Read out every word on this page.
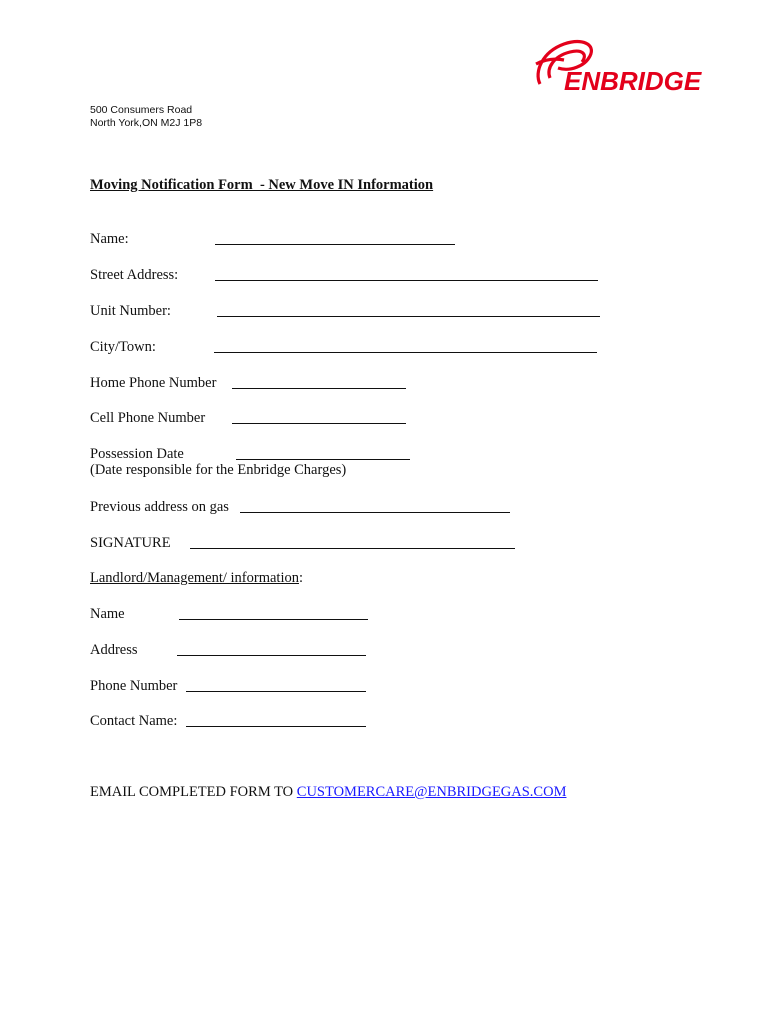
ENBRIDGE
500 Consumers Road
North York,ON M2J 1P8
Moving Notification Form  - New Move IN Information
Name:
Street Address:
Unit Number:
City/Town:
Home Phone Number
Cell Phone Number
Possession Date
(Date responsible for the Enbridge Charges)
Previous address on gas
SIGNATURE
Landlord/Management/ information:
Name
Address
Phone Number
Contact Name:
EMAIL COMPLETED FORM TO CUSTOMERCARE@ENBRIDGEGAS.COM
